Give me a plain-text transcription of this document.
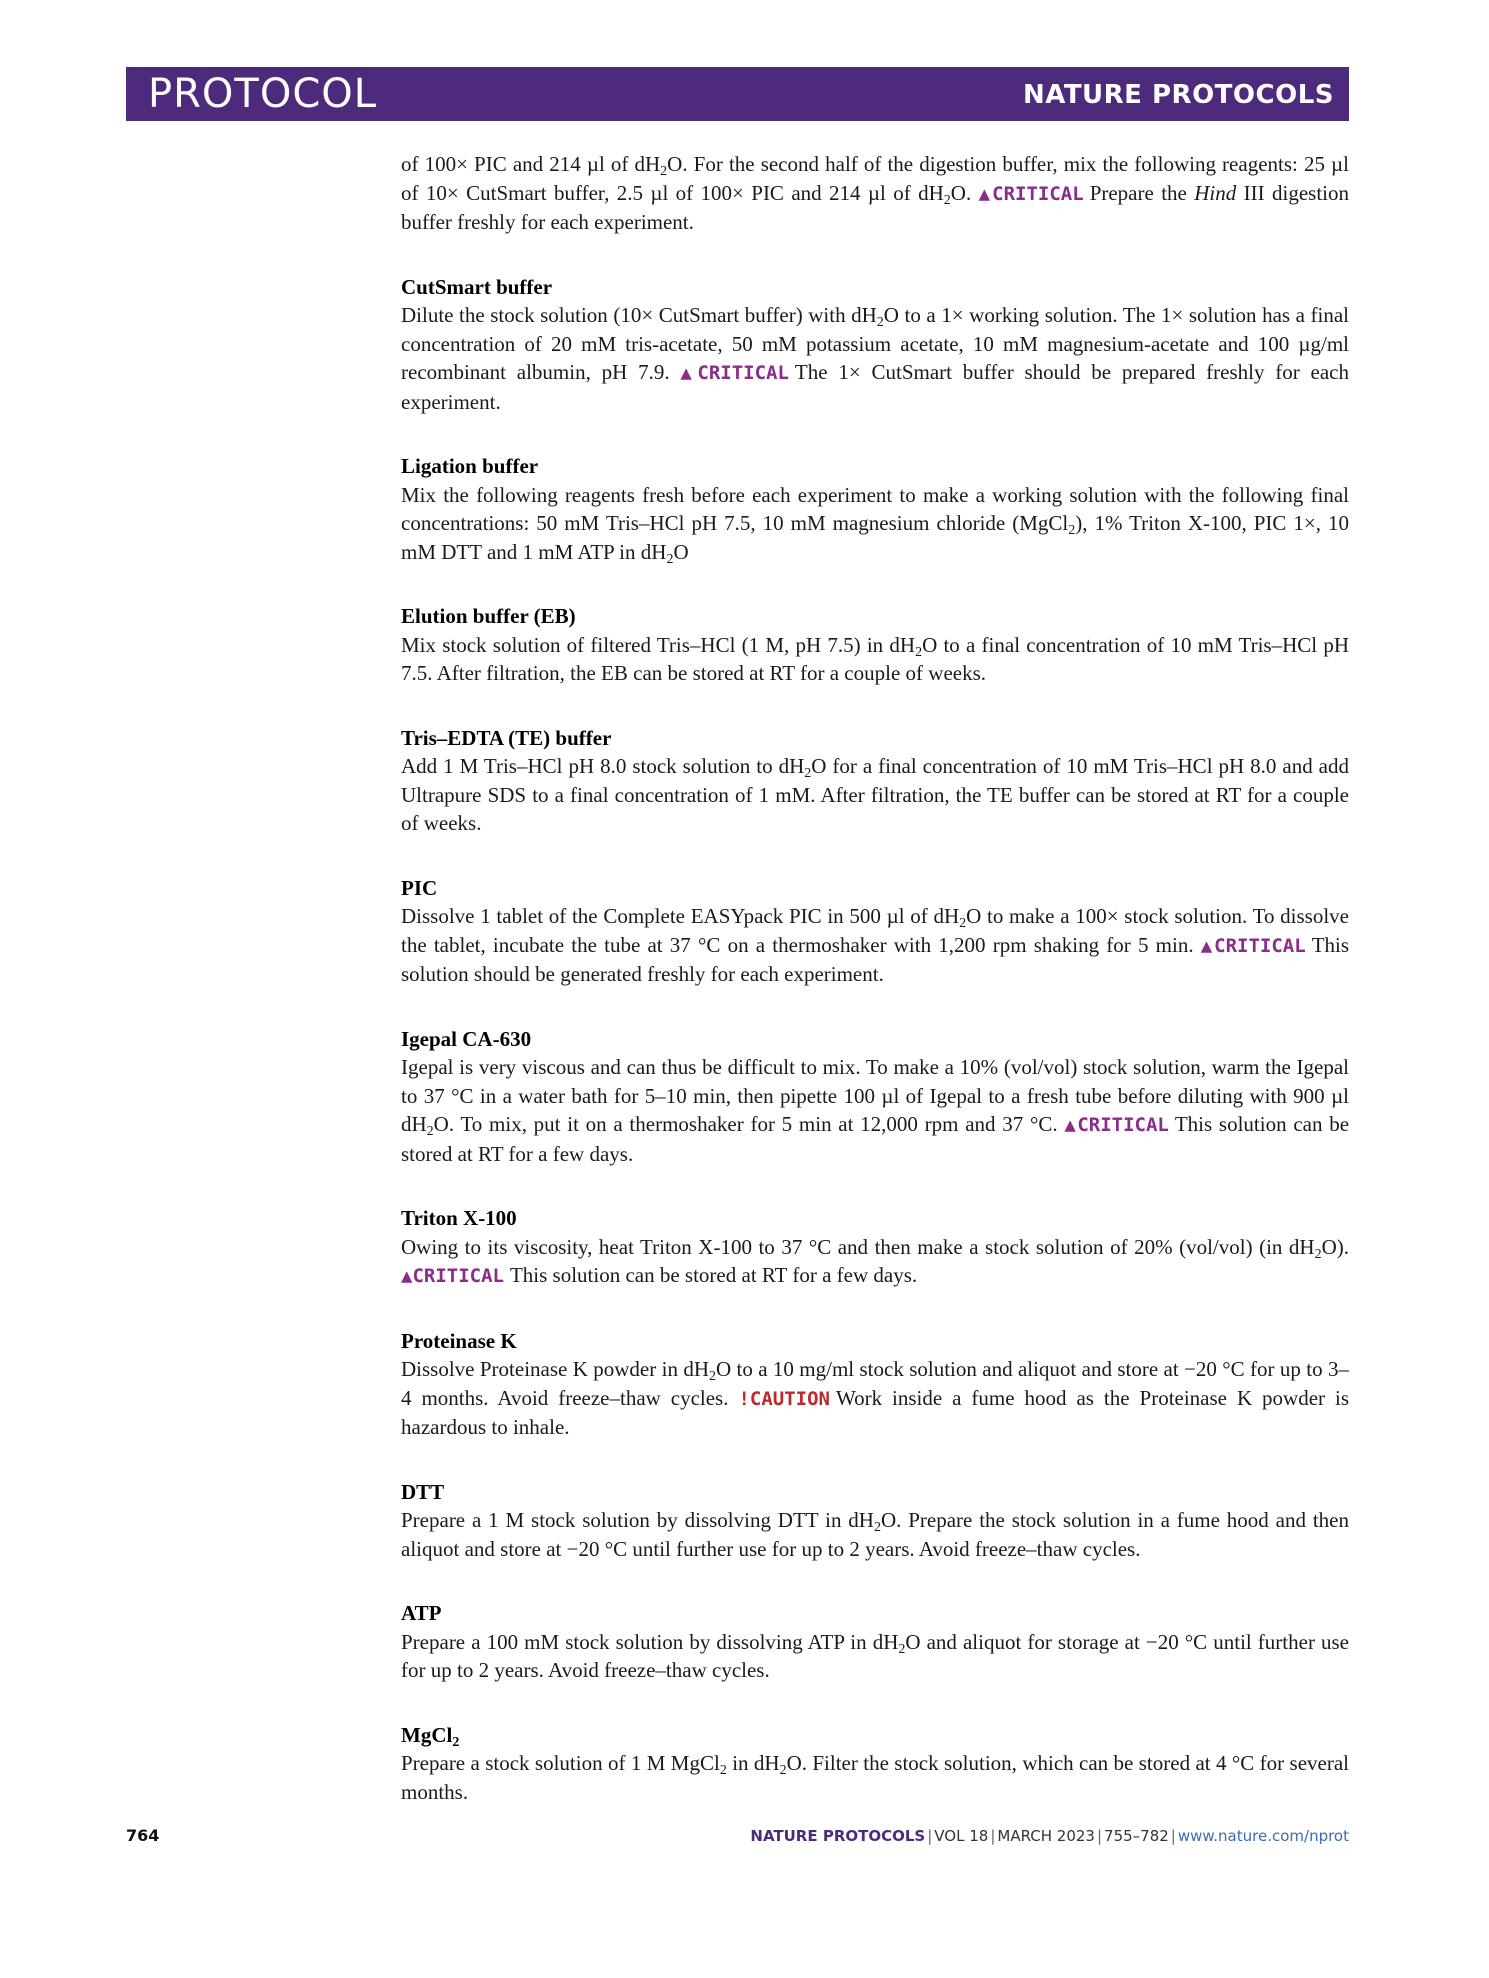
PROTOCOL	NATURE PROTOCOLS

of 100× PIC and 214 µl of $dH_2O$. For the second half of the digestion buffer, mix the following reagents: 25 µl of 10× CutSmart buffer, 2.5 µl of 100× PIC and 214 µl of $dH_2O$. ▲CRITICAL Prepare the Hind III digestion buffer freshly for each experiment.

CutSmart buffer

Dilute the stock solution (10× CutSmart buffer) with $dH_2O$ to a 1× working solution. The 1× solution has a final concentration of 20 mM tris-acetate, 50 mM potassium acetate, 10 mM magnesium-acetate and 100 µg/ml recombinant albumin, pH 7.9. ▲CRITICAL The 1× CutSmart buffer should be prepared freshly for each experiment.

Ligation buffer

Mix the following reagents fresh before each experiment to make a working solution with the following final concentrations: 50 mM Tris–HCl pH 7.5, 10 mM magnesium chloride (MgCl$_2$), 1% Triton X-100, PIC 1×, 10 mM DTT and 1 mM ATP in $dH_2O$

Elution buffer (EB)

Mix stock solution of filtered Tris–HCl (1 M, pH 7.5) in $dH_2O$ to a final concentration of 10 mM Tris–HCl pH 7.5. After filtration, the EB can be stored at RT for a couple of weeks.

Tris–EDTA (TE) buffer

Add 1 M Tris–HCl pH 8.0 stock solution to $dH_2O$ for a final concentration of 10 mM Tris–HCl pH 8.0 and add Ultrapure SDS to a final concentration of 1 mM. After filtration, the TE buffer can be stored at RT for a couple of weeks.

PIC

Dissolve 1 tablet of the Complete EASYpack PIC in 500 µl of $dH_2O$ to make a 100× stock solution. To dissolve the tablet, incubate the tube at 37 °C on a thermoshaker with 1,200 rpm shaking for 5 min. ▲CRITICAL This solution should be generated freshly for each experiment.

Igepal CA-630

Igepal is very viscous and can thus be difficult to mix. To make a 10% (vol/vol) stock solution, warm the Igepal to 37 °C in a water bath for 5–10 min, then pipette 100 µl of Igepal to a fresh tube before diluting with 900 µl $dH_2O$. To mix, put it on a thermoshaker for 5 min at 12,000 rpm and 37 °C. ▲CRITICAL This solution can be stored at RT for a few days.

Triton X-100

Owing to its viscosity, heat Triton X-100 to 37 °C and then make a stock solution of 20% (vol/vol) (in $dH_2O$). ▲CRITICAL This solution can be stored at RT for a few days.

Proteinase K

Dissolve Proteinase K powder in $dH_2O$ to a 10 mg/ml stock solution and aliquot and store at −20 °C for up to 3–4 months. Avoid freeze–thaw cycles. !CAUTION Work inside a fume hood as the Proteinase K powder is hazardous to inhale.

DTT

Prepare a 1 M stock solution by dissolving DTT in $dH_2O$. Prepare the stock solution in a fume hood and then aliquot and store at −20 °C until further use for up to 2 years. Avoid freeze–thaw cycles.

ATP

Prepare a 100 mM stock solution by dissolving ATP in $dH_2O$ and aliquot for storage at −20 °C until further use for up to 2 years. Avoid freeze–thaw cycles.

MgCl$_2$

Prepare a stock solution of 1 M MgCl$_2$ in $dH_2O$. Filter the stock solution, which can be stored at 4 °C for several months.

764	NATURE PROTOCOLS | VOL 18 | MARCH 2023 | 755–782 | www.nature.com/nprot
